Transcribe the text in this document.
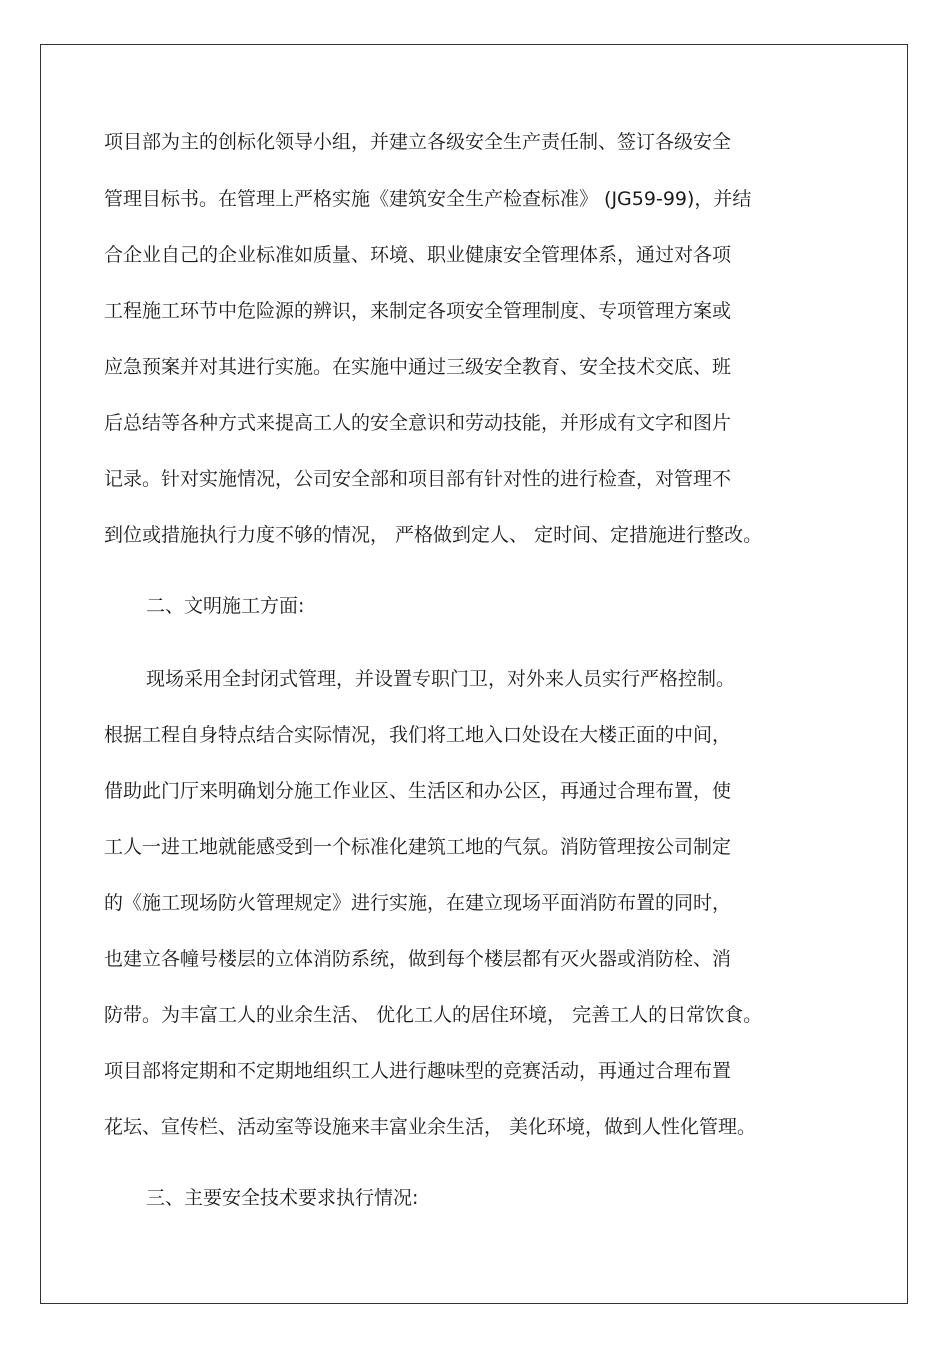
项目部为主的创标化领导小组，并建立各级安全生产责任制、签订各级安全
管理目标书。在管理上严格实施《建筑安全生产检查标准》 (JG59-99)，并结
合企业自己的企业标准如质量、环境、职业健康安全管理体系，通过对各项
工程施工环节中危险源的辨识，来制定各项安全管理制度、专项管理方案或
应急预案并对其进行实施。在实施中通过三级安全教育、安全技术交底、班
后总结等各种方式来提高工人的安全意识和劳动技能，并形成有文字和图片
记录。针对实施情况，公司安全部和项目部有针对性的进行检查，对管理不
到位或措施执行力度不够的情况， 严格做到定人、 定时间、定措施进行整改。
二、文明施工方面:
现场采用全封闭式管理，并设置专职门卫，对外来人员实行严格控制。
根据工程自身特点结合实际情况，我们将工地入口处设在大楼正面的中间，
借助此门厅来明确划分施工作业区、生活区和办公区，再通过合理布置，使
工人一进工地就能感受到一个标准化建筑工地的气氛。消防管理按公司制定
的《施工现场防火管理规定》进行实施，在建立现场平面消防布置的同时，
也建立各幢号楼层的立体消防系统，做到每个楼层都有灭火器或消防栓、消
防带。为丰富工人的业余生活、 优化工人的居住环境， 完善工人的日常饮食。
项目部将定期和不定期地组织工人进行趣味型的竞赛活动，再通过合理布置
花坛、宣传栏、活动室等设施来丰富业余生活， 美化环境，做到人性化管理。
三、主要安全技术要求执行情况:
